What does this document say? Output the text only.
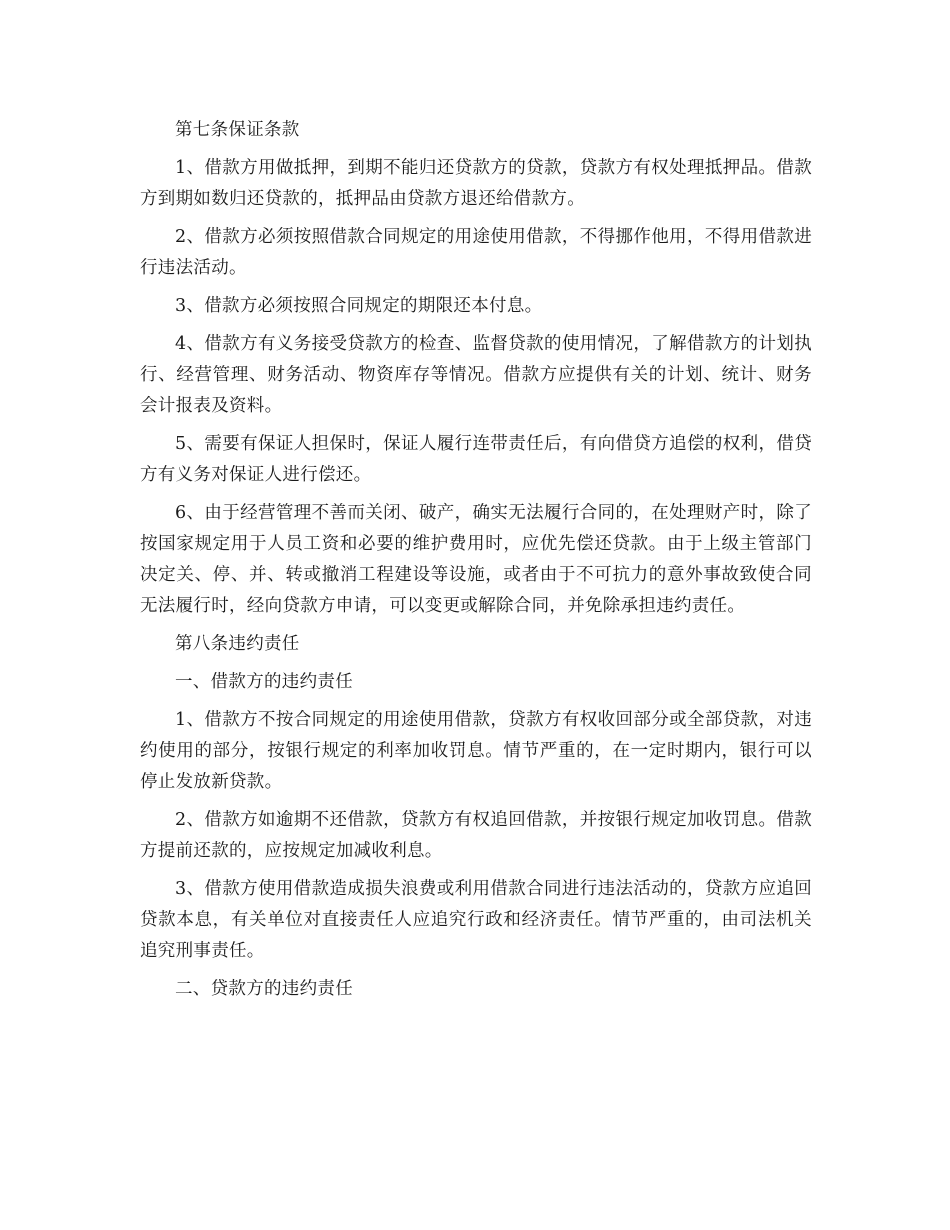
第七条保证条款

1、借款方用做抵押，到期不能归还贷款方的贷款，贷款方有权处理抵押品。借款方到期如数归还贷款的，抵押品由贷款方退还给借款方。

2、借款方必须按照借款合同规定的用途使用借款，不得挪作他用，不得用借款进行违法活动。

3、借款方必须按照合同规定的期限还本付息。

4、借款方有义务接受贷款方的检查、监督贷款的使用情况，了解借款方的计划执行、经营管理、财务活动、物资库存等情况。借款方应提供有关的计划、统计、财务会计报表及资料。

5、需要有保证人担保时，保证人履行连带责任后，有向借贷方追偿的权利，借贷方有义务对保证人进行偿还。

6、由于经营管理不善而关闭、破产，确实无法履行合同的，在处理财产时，除了按国家规定用于人员工资和必要的维护费用时，应优先偿还贷款。由于上级主管部门决定关、停、并、转或撤消工程建设等设施，或者由于不可抗力的意外事故致使合同无法履行时，经向贷款方申请，可以变更或解除合同，并免除承担违约责任。

第八条违约责任

一、借款方的违约责任

1、借款方不按合同规定的用途使用借款，贷款方有权收回部分或全部贷款，对违约使用的部分，按银行规定的利率加收罚息。情节严重的，在一定时期内，银行可以停止发放新贷款。

2、借款方如逾期不还借款，贷款方有权追回借款，并按银行规定加收罚息。借款方提前还款的，应按规定加减收利息。

3、借款方使用借款造成损失浪费或利用借款合同进行违法活动的，贷款方应追回贷款本息，有关单位对直接责任人应追究行政和经济责任。情节严重的，由司法机关追究刑事责任。

二、贷款方的违约责任
